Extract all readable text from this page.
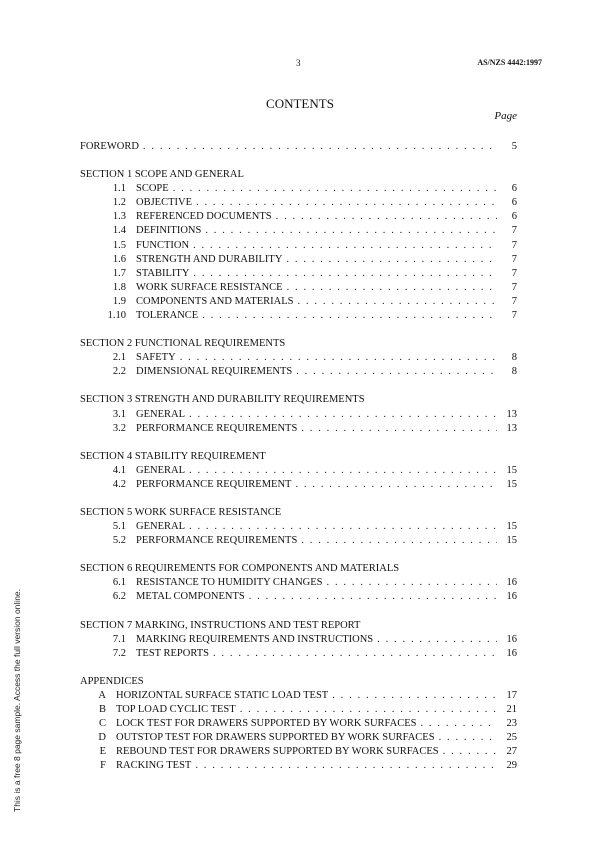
3	AS/NZS 4442:1997
CONTENTS
Page
This is a free 8 page sample. Access the full version online.
FOREWORD . . .	5
SECTION 1 SCOPE AND GENERAL
1.1 SCOPE . . .	6
1.2 OBJECTIVE . . .	6
1.3 REFERENCED DOCUMENTS . . .	6
1.4 DEFINITIONS . . .	7
1.5 FUNCTION . . .	7
1.6 STRENGTH AND DURABILITY . . .	7
1.7 STABILITY . . .	7
1.8 WORK SURFACE RESISTANCE . . .	7
1.9 COMPONENTS AND MATERIALS . . .	7
1.10 TOLERANCE . . .	7
SECTION 2 FUNCTIONAL REQUIREMENTS
2.1 SAFETY . . .	8
2.2 DIMENSIONAL REQUIREMENTS . . .	8
SECTION 3 STRENGTH AND DURABILITY REQUIREMENTS
3.1 GENERAL . . .	13
3.2 PERFORMANCE REQUIREMENTS . . .	13
SECTION 4 STABILITY REQUIREMENT
4.1 GENERAL . . .	15
4.2 PERFORMANCE REQUIREMENT . . .	15
SECTION 5 WORK SURFACE RESISTANCE
5.1 GENERAL . . .	15
5.2 PERFORMANCE REQUIREMENTS . . .	15
SECTION 6 REQUIREMENTS FOR COMPONENTS AND MATERIALS
6.1 RESISTANCE TO HUMIDITY CHANGES . . .	16
6.2 METAL COMPONENTS . . .	16
SECTION 7 MARKING, INSTRUCTIONS AND TEST REPORT
7.1 MARKING REQUIREMENTS AND INSTRUCTIONS . . .	16
7.2 TEST REPORTS . . .	16
APPENDICES
A HORIZONTAL SURFACE STATIC LOAD TEST . . .	17
B TOP LOAD CYCLIC TEST . . .	21
C LOCK TEST FOR DRAWERS SUPPORTED BY WORK SURFACES . . .	23
D OUTSTOP TEST FOR DRAWERS SUPPORTED BY WORK SURFACES . . .	25
E REBOUND TEST FOR DRAWERS SUPPORTED BY WORK SURFACES . . .	27
F RACKING TEST . . .	29
